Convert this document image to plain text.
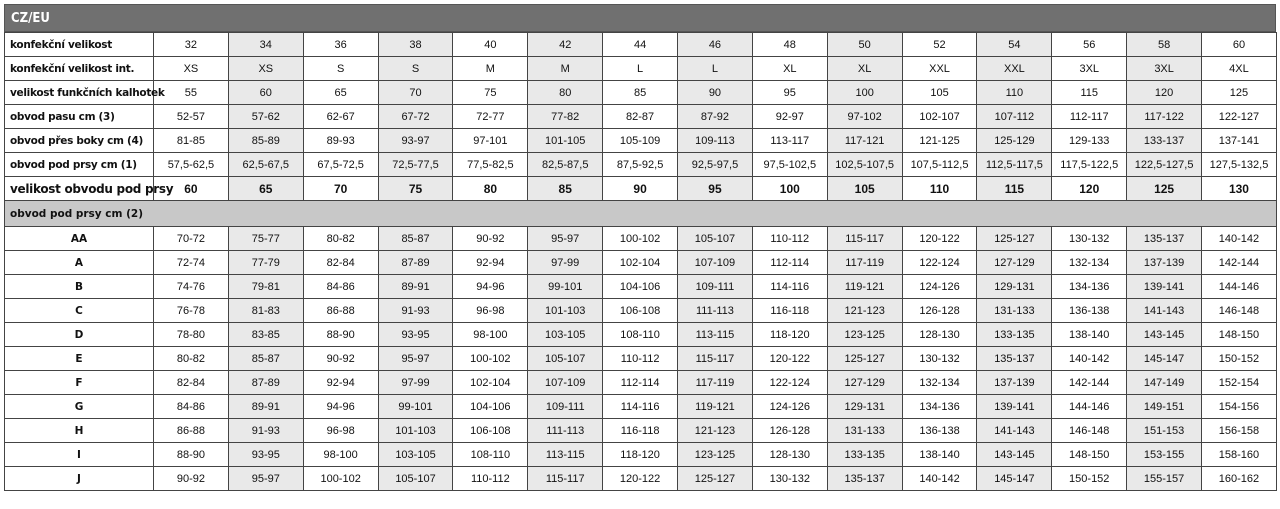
CZ/EU
konfekční velikost	32	34	36	38	40	42	44	46	48	50	52	54	56	58	60
konfekční velikost int.	XS	XS	S	S	M	M	L	L	XL	XL	XXL	XXL	3XL	3XL	4XL
velikost funkčních kalhotek	55	60	65	70	75	80	85	90	95	100	105	110	115	120	125
obvod pasu cm (3)	52-57	57-62	62-67	67-72	72-77	77-82	82-87	87-92	92-97	97-102	102-107	107-112	112-117	117-122	122-127
obvod přes boky cm (4)	81-85	85-89	89-93	93-97	97-101	101-105	105-109	109-113	113-117	117-121	121-125	125-129	129-133	133-137	137-141
obvod pod prsy cm (1)	57,5-62,5	62,5-67,5	67,5-72,5	72,5-77,5	77,5-82,5	82,5-87,5	87,5-92,5	92,5-97,5	97,5-102,5	102,5-107,5	107,5-112,5	112,5-117,5	117,5-122,5	122,5-127,5	127,5-132,5
velikost obvodu pod prsy	60	65	70	75	80	85	90	95	100	105	110	115	120	125	130
obvod pod prsy cm (2)															
AA	70-72	75-77	80-82	85-87	90-92	95-97	100-102	105-107	110-112	115-117	120-122	125-127	130-132	135-137	140-142
A	72-74	77-79	82-84	87-89	92-94	97-99	102-104	107-109	112-114	117-119	122-124	127-129	132-134	137-139	142-144
B	74-76	79-81	84-86	89-91	94-96	99-101	104-106	109-111	114-116	119-121	124-126	129-131	134-136	139-141	144-146
C	76-78	81-83	86-88	91-93	96-98	101-103	106-108	111-113	116-118	121-123	126-128	131-133	136-138	141-143	146-148
D	78-80	83-85	88-90	93-95	98-100	103-105	108-110	113-115	118-120	123-125	128-130	133-135	138-140	143-145	148-150
E	80-82	85-87	90-92	95-97	100-102	105-107	110-112	115-117	120-122	125-127	130-132	135-137	140-142	145-147	150-152
F	82-84	87-89	92-94	97-99	102-104	107-109	112-114	117-119	122-124	127-129	132-134	137-139	142-144	147-149	152-154
G	84-86	89-91	94-96	99-101	104-106	109-111	114-116	119-121	124-126	129-131	134-136	139-141	144-146	149-151	154-156
H	86-88	91-93	96-98	101-103	106-108	111-113	116-118	121-123	126-128	131-133	136-138	141-143	146-148	151-153	156-158
I	88-90	93-95	98-100	103-105	108-110	113-115	118-120	123-125	128-130	133-135	138-140	143-145	148-150	153-155	158-160
J	90-92	95-97	100-102	105-107	110-112	115-117	120-122	125-127	130-132	135-137	140-142	145-147	150-152	155-157	160-162
